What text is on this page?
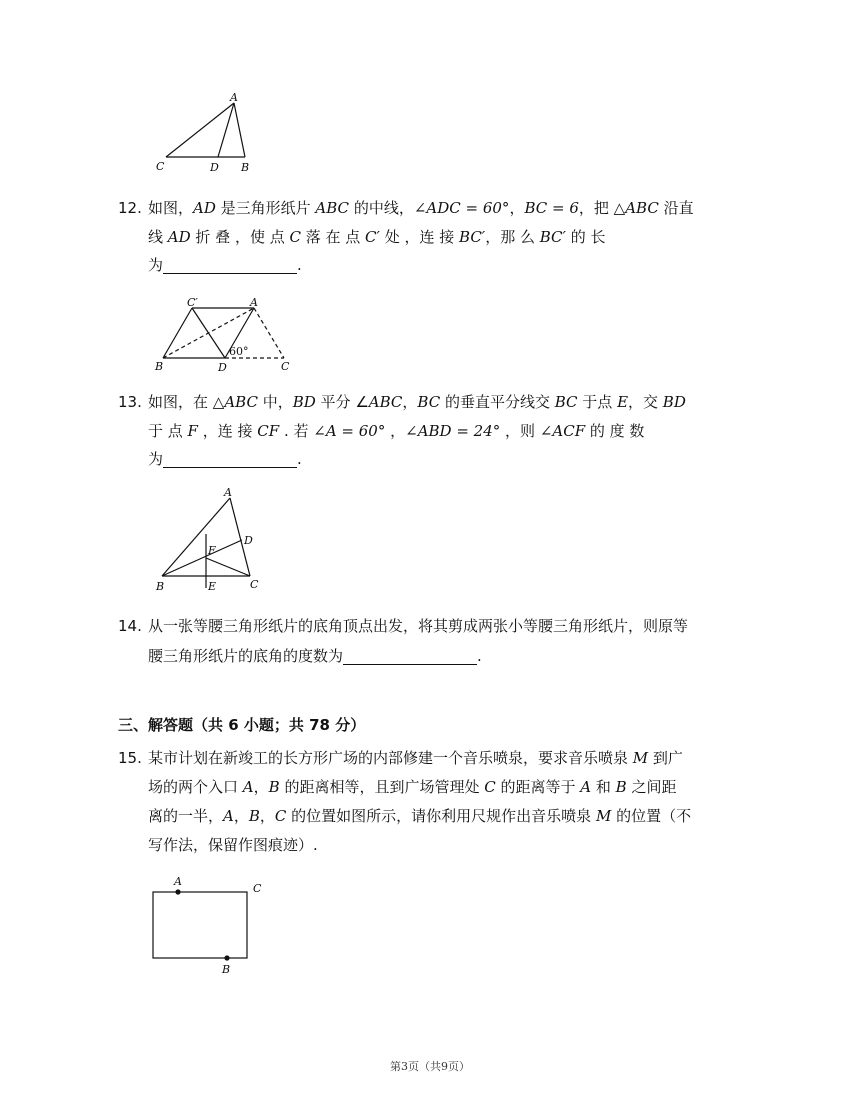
A
C	D B
12. 如图，AD 是三角形纸片 ABC 的中线，∠ADC = 60°，BC = 6，把 △ABC 沿直
线 AD 折 叠 ，使 点 C 落 在 点 C′ 处 ，连 接 BC′，那 么 BC′ 的 长
为	.
C′	A
B	D	C
60°
13. 如图，在 △ABC 中，BD 平分 ∠ABC，BC 的垂直平分线交 BC 于点 E，交 BD
于 点 F ，连 接 CF . 若 ∠A = 60° ，∠ABD = 24° ，则 ∠ACF 的 度 数
为	.
A
D
F
B	E	C
14. 从一张等腰三角形纸片的底角顶点出发，将其剪成两张小等腰三角形纸片，则原等
腰三角形纸片的底角的度数为	.
三、解答题（共 6 小题；共 78 分）
15. 某市计划在新竣工的长方形广场的内部修建一个音乐喷泉，要求音乐喷泉 M 到广
场的两个入口 A，B 的距离相等，且到广场管理处 C 的距离等于 A 和 B 之间距
离的一半，A，B，C 的位置如图所示，请你利用尺规作出音乐喷泉 M 的位置（不
写作法，保留作图痕迹）.
A
C
B
第3页（共9页）
